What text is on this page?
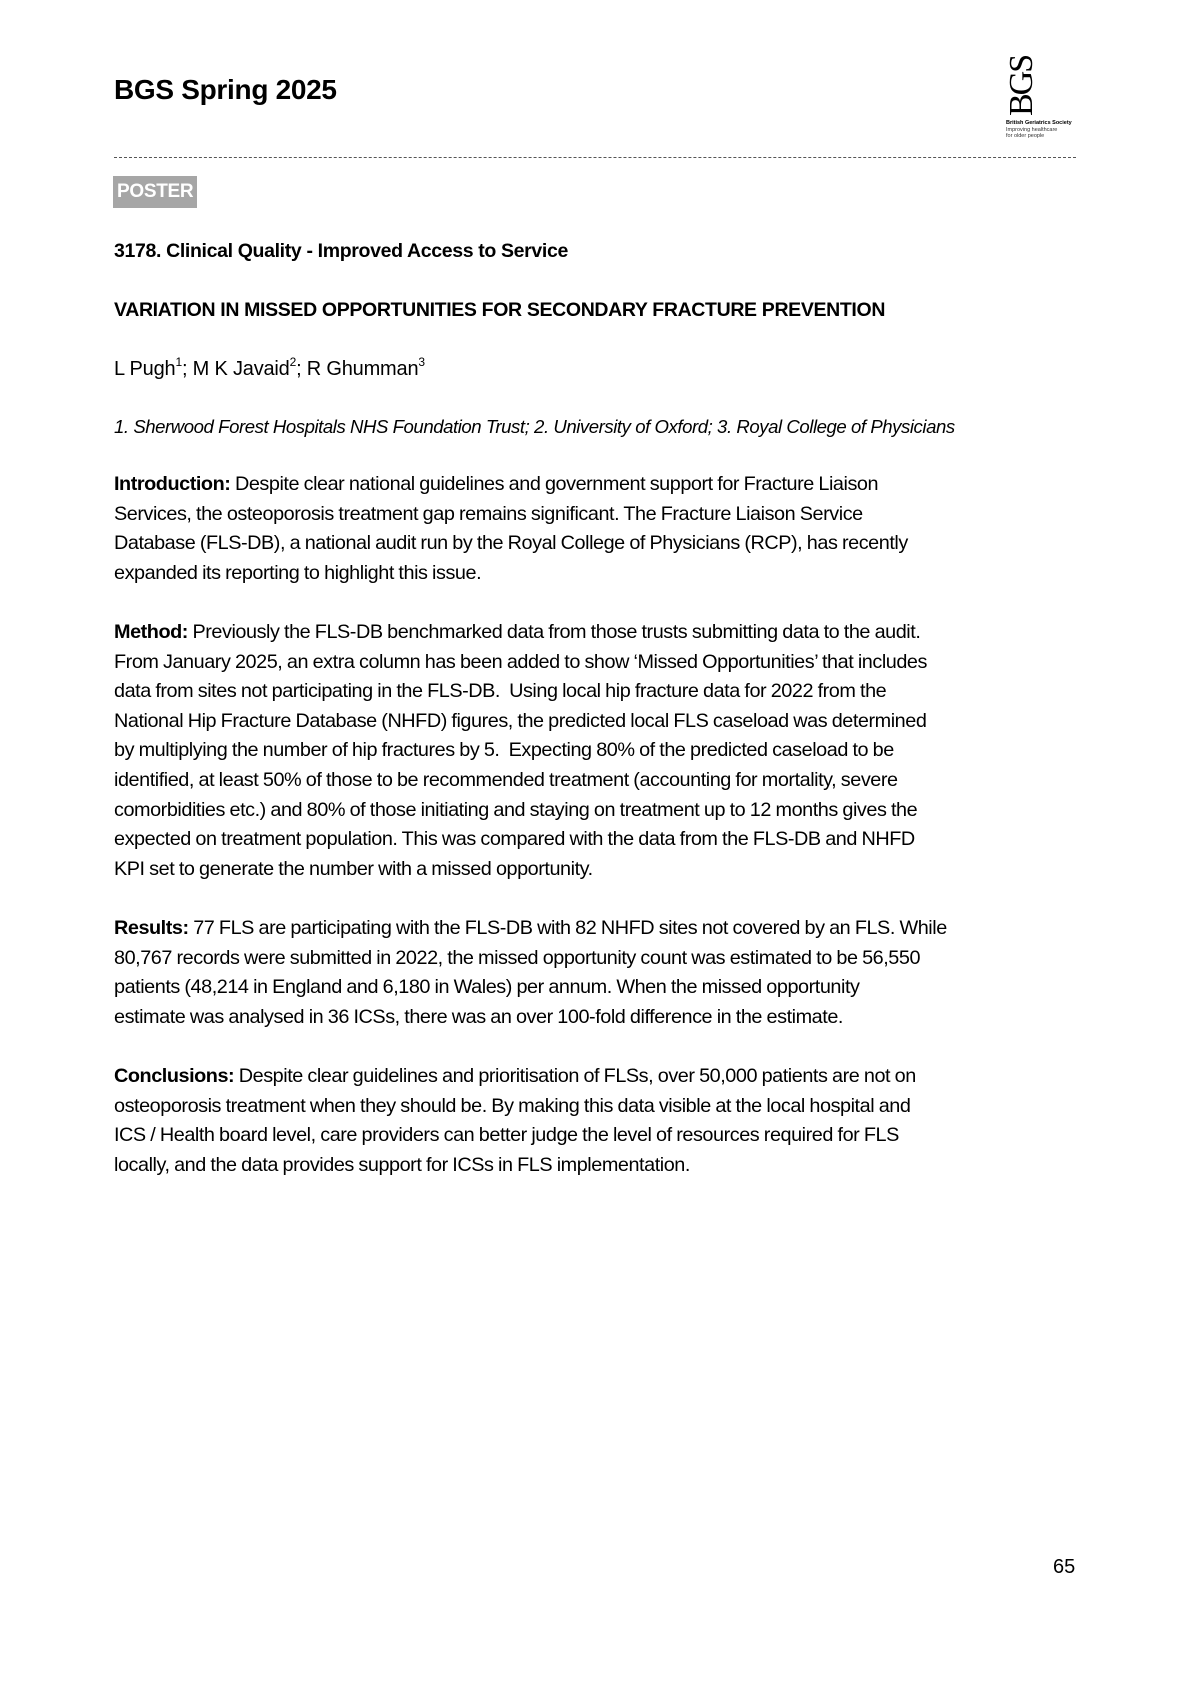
BGS Spring 2025	BGS
British Geriatrics Society
Improving healthcare
for older people
POSTER
3178. Clinical Quality - Improved Access to Service
VARIATION IN MISSED OPPORTUNITIES FOR SECONDARY FRACTURE PREVENTION
L Pugh$^1$; M K Javaid$^2$; R Ghumman$^3$
1. Sherwood Forest Hospitals NHS Foundation Trust; 2. University of Oxford; 3. Royal College of Physicians
Introduction: Despite clear national guidelines and government support for Fracture Liaison
Services, the osteoporosis treatment gap remains significant. The Fracture Liaison Service
Database (FLS-DB), a national audit run by the Royal College of Physicians (RCP), has recently
expanded its reporting to highlight this issue.
Method: Previously the FLS-DB benchmarked data from those trusts submitting data to the audit.
From January 2025, an extra column has been added to show ‘Missed Opportunities’ that includes
data from sites not participating in the FLS-DB.  Using local hip fracture data for 2022 from the
National Hip Fracture Database (NHFD) figures, the predicted local FLS caseload was determined
by multiplying the number of hip fractures by 5.  Expecting 80% of the predicted caseload to be
identified, at least 50% of those to be recommended treatment (accounting for mortality, severe
comorbidities etc.) and 80% of those initiating and staying on treatment up to 12 months gives the
expected on treatment population. This was compared with the data from the FLS-DB and NHFD
KPI set to generate the number with a missed opportunity.
Results: 77 FLS are participating with the FLS-DB with 82 NHFD sites not covered by an FLS. While
80,767 records were submitted in 2022, the missed opportunity count was estimated to be 56,550
patients (48,214 in England and 6,180 in Wales) per annum. When the missed opportunity
estimate was analysed in 36 ICSs, there was an over 100-fold difference in the estimate.
Conclusions: Despite clear guidelines and prioritisation of FLSs, over 50,000 patients are not on
osteoporosis treatment when they should be. By making this data visible at the local hospital and
ICS / Health board level, care providers can better judge the level of resources required for FLS
locally, and the data provides support for ICSs in FLS implementation.
65
